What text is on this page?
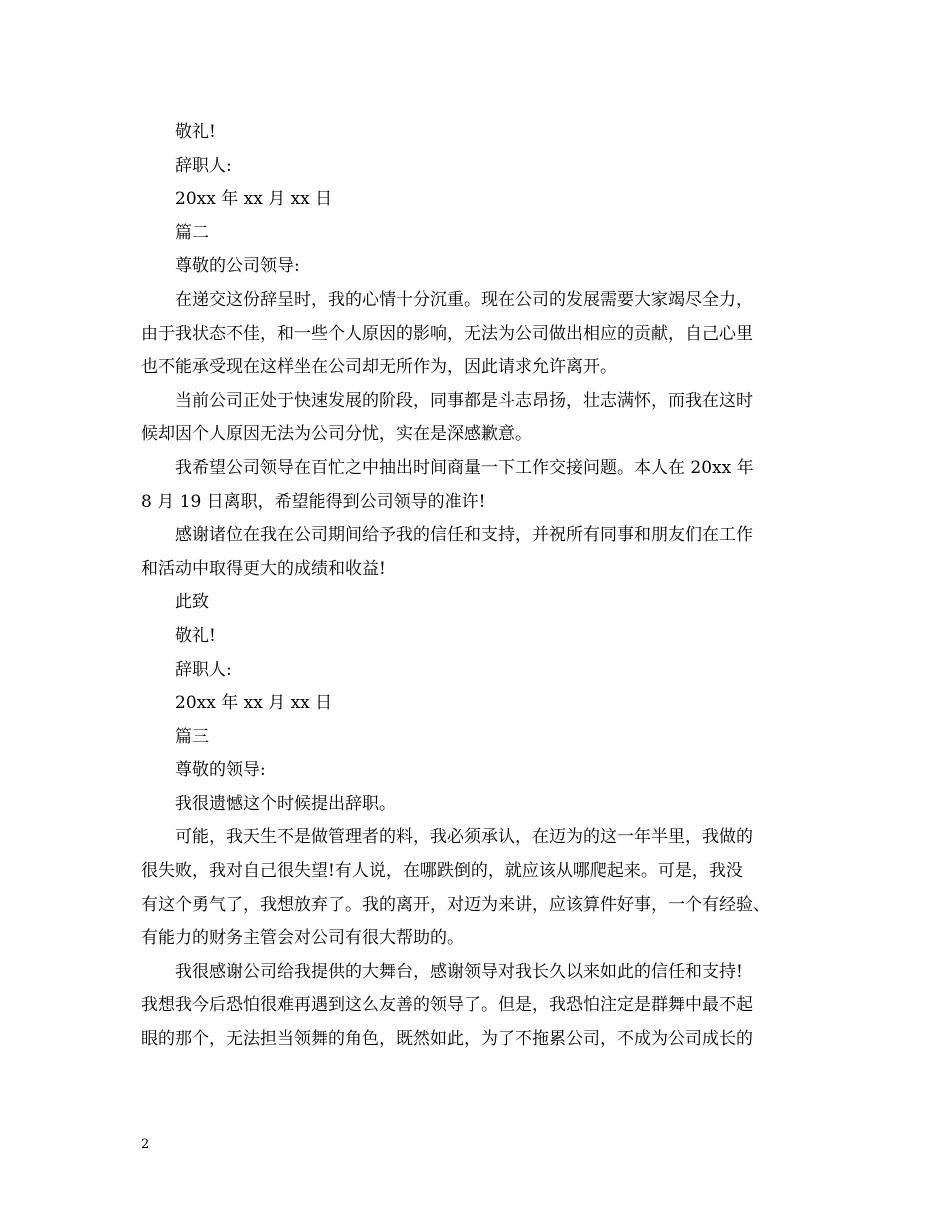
敬礼!
辞职人:
20xx 年 xx 月 xx 日
篇二
尊敬的公司领导:
在递交这份辞呈时，我的心情十分沉重。现在公司的发展需要大家竭尽全力，
由于我状态不佳，和一些个人原因的影响，无法为公司做出相应的贡献，自己心里
也不能承受现在这样坐在公司却无所作为，因此请求允许离开。
当前公司正处于快速发展的阶段，同事都是斗志昂扬，壮志满怀，而我在这时
候却因个人原因无法为公司分忧，实在是深感歉意。
我希望公司领导在百忙之中抽出时间商量一下工作交接问题。本人在 20xx 年
8 月 19 日离职，希望能得到公司领导的准许!
感谢诸位在我在公司期间给予我的信任和支持，并祝所有同事和朋友们在工作
和活动中取得更大的成绩和收益!
此致
敬礼!
辞职人:
20xx 年 xx 月 xx 日
篇三
尊敬的领导:
我很遗憾这个时候提出辞职。
可能，我天生不是做管理者的料，我必须承认，在迈为的这一年半里，我做的
很失败，我对自己很失望!有人说，在哪跌倒的，就应该从哪爬起来。可是，我没
有这个勇气了，我想放弃了。我的离开，对迈为来讲，应该算件好事，一个有经验、
有能力的财务主管会对公司有很大帮助的。
我很感谢公司给我提供的大舞台，感谢领导对我长久以来如此的信任和支持!
我想我今后恐怕很难再遇到这么友善的领导了。但是，我恐怕注定是群舞中最不起
眼的那个，无法担当领舞的角色，既然如此，为了不拖累公司，不成为公司成长的
2
